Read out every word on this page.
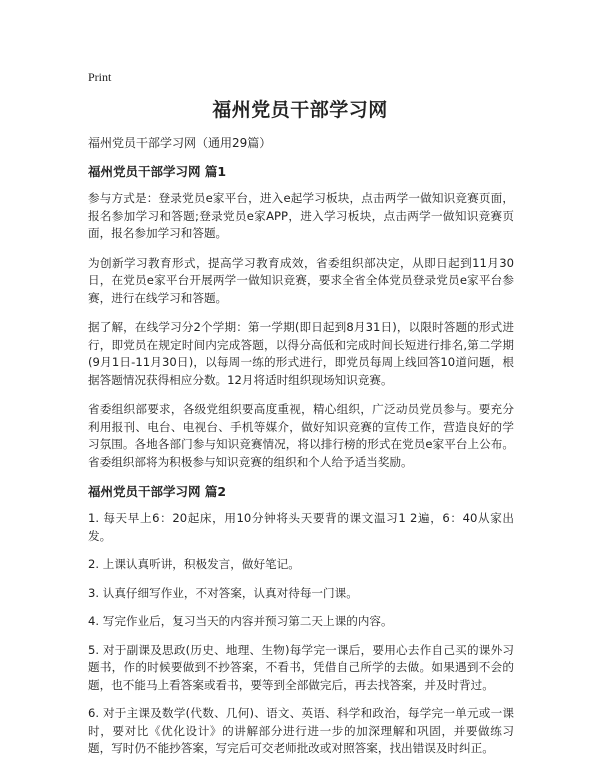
Print
福州党员干部学习网
福州党员干部学习网（通用29篇）
福州党员干部学习网 篇1

参与方式是：登录党员e家平台，进入e起学习板块，点击两学一做知识竞赛页面，报名参加学习和答题;登录党员e家APP，进入学习板块，点击两学一做知识竞赛页面，报名参加学习和答题。

为创新学习教育形式，提高学习教育成效，省委组织部决定，从即日起到11月30日，在党员e家平台开展两学一做知识竞赛，要求全省全体党员登录党员e家平台参赛，进行在线学习和答题。

据了解，在线学习分2个学期：第一学期(即日起到8月31日)，以限时答题的形式进行，即党员在规定时间内完成答题，以得分高低和完成时间长短进行排名,第二学期(9月1日-11月30日)，以每周一练的形式进行，即党员每周上线回答10道问题，根据答题情况获得相应分数。12月将适时组织现场知识竞赛。

省委组织部要求，各级党组织要高度重视，精心组织，广泛动员党员参与。要充分利用报刊、电台、电视台、手机等媒介，做好知识竞赛的宣传工作，营造良好的学习氛围。各地各部门参与知识竞赛情况，将以排行榜的形式在党员e家平台上公布。省委组织部将为积极参与知识竞赛的组织和个人给予适当奖励。

福州党员干部学习网 篇2

1. 每天早上6：20起床，用10分钟将头天要背的课文温习1 2遍，6：40从家出发。

2. 上课认真听讲，积极发言，做好笔记。

3. 认真仔细写作业，不对答案，认真对待每一门课。

4. 写完作业后，复习当天的内容并预习第二天上课的内容。

5. 对于副课及思政(历史、地理、生物)每学完一课后，要用心去作自己买的课外习题书，作的时候要做到不抄答案，不看书，凭借自己所学的去做。如果遇到不会的题，也不能马上看答案或看书，要等到全部做完后，再去找答案，并及时背过。

6. 对于主课及数学(代数、几何)、语文、英语、科学和政治，每学完一单元或一课时，要对比《优化设计》的讲解部分进行进一步的加深理解和巩固，并要做练习题，写时仍不能抄答案，写完后可交老师批改或对照答案，找出错误及时纠正。
